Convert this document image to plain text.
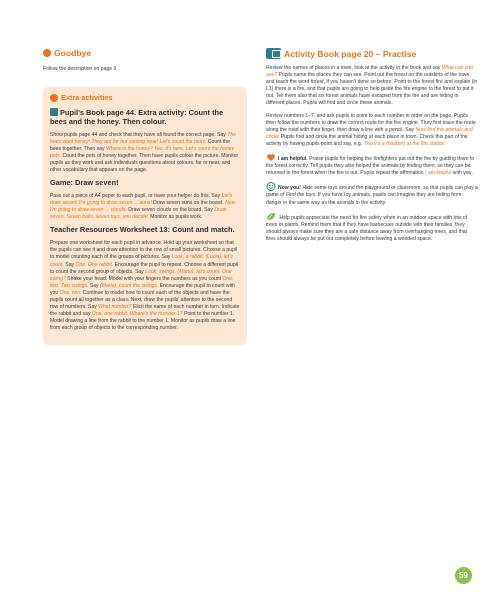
Goodbye

Follow the description on page 9.

Extra activities
Pupil's Book page 44. Extra activity: Count the bees and the honey. Then colour.

Show pupils page 44 and check that they have all found the correct page. Say The bees want honey! They are far but coming near! Let's count the bees. Count the bees together. Then say Where is the honey? Yes, it's here. Let's count the honey pots. Count the pots of honey together. Then have pupils colour the picture. Monitor pupils as they work and ask individuals questions about colours, far or near, and other vocabulary that appears on the page.

Game: Draw seven!

Pass out a piece of A4 paper to each pupil, or have your helper do this. Say Let's draw seven! I'm going to draw seven ... suns! Draw seven suns on the board. Now I'm going to draw seven ... clouds. Draw seven clouds on the board. Say Draw seven. Seven balls, seven toys, you decide. Monitor as pupils work.

Teacher Resources Worksheet 13: Count and match.

Prepare one worksheet for each pupil in advance. Hold up your worksheet so that the pupils can see it and draw attention to the row of small pictures. Choose a pupil to model counting each of the groups of pictures. Say Look, a rabbit. (Lucia), let's count. Say One. One rabbit. Encourage the pupil to repeat. Choose a different pupil to count the second group of objects. Say Look, swings. (Mario), let's count. One swing? Shake your head. Model with your fingers the numbers as you count One, two. Two swings. Say (Mario), count the swings. Encourage the pupil to count with you One, two. Continue to model how to count each of the objects and have the pupils count all together as a class. Next, draw the pupils' attention to the second row of numbers. Say What number? Elicit the name of each number in turn. Indicate the rabbit and say One, one rabbit. Where's the number 1? Point to the number 1. Model drawing a line from the rabbit to the number 1. Monitor as pupils draw a line from each group of objects to the corresponding number.

Activity Book page 20 – Practise

Review the names of places in a town, look at the activity in the book and say What can you see? Pupils name the places they can see. Point out the forest on the outskirts of the town and teach the word forest, if you haven't done so before. Point to the forest fire and explain (in L1) there is a fire, and that pupils are going to help guide the fire engine to the forest to put it out. Tell them also that six forest animals have escaped from the fire and are hiding in different places. Pupils will find and circle these animals.

Review numbers 1–7, and ask pupils to point to each number in order on the page. Pupils then follow the numbers to draw the correct route for the fire engine. They first trace the route along the road with their finger, then draw a line with a pencil. Say Now find the animals and circle! Pupils find and circle the animal hiding at each place in town. Check this part of the activity by having pupils point and say, e.g. There's a (badger) at the fire station.

I am helpful. Praise pupils for helping the firefighters put out the fire by guiding them to the forest correctly. Tell pupils they also helped the animals by finding them, so they can be returned to the forest when the fire is out. Pupils repeat the affirmation I am helpful with you.

Now you! Hide some toys around the playground or classroom, so that pupils can play a game of Find the toys. If you have toy animals, pupils can imagine they are hiding from danger in the same way as the animals in the activity.

Help pupils appreciate the need for fire safety when in an outdoor space with lots of trees or plants. Remind them that if they have barbecues outside with their families, they should always make sure they are a safe distance away from overhanging trees, and that fires should always be put out completely before leaving a wooded space.

59
